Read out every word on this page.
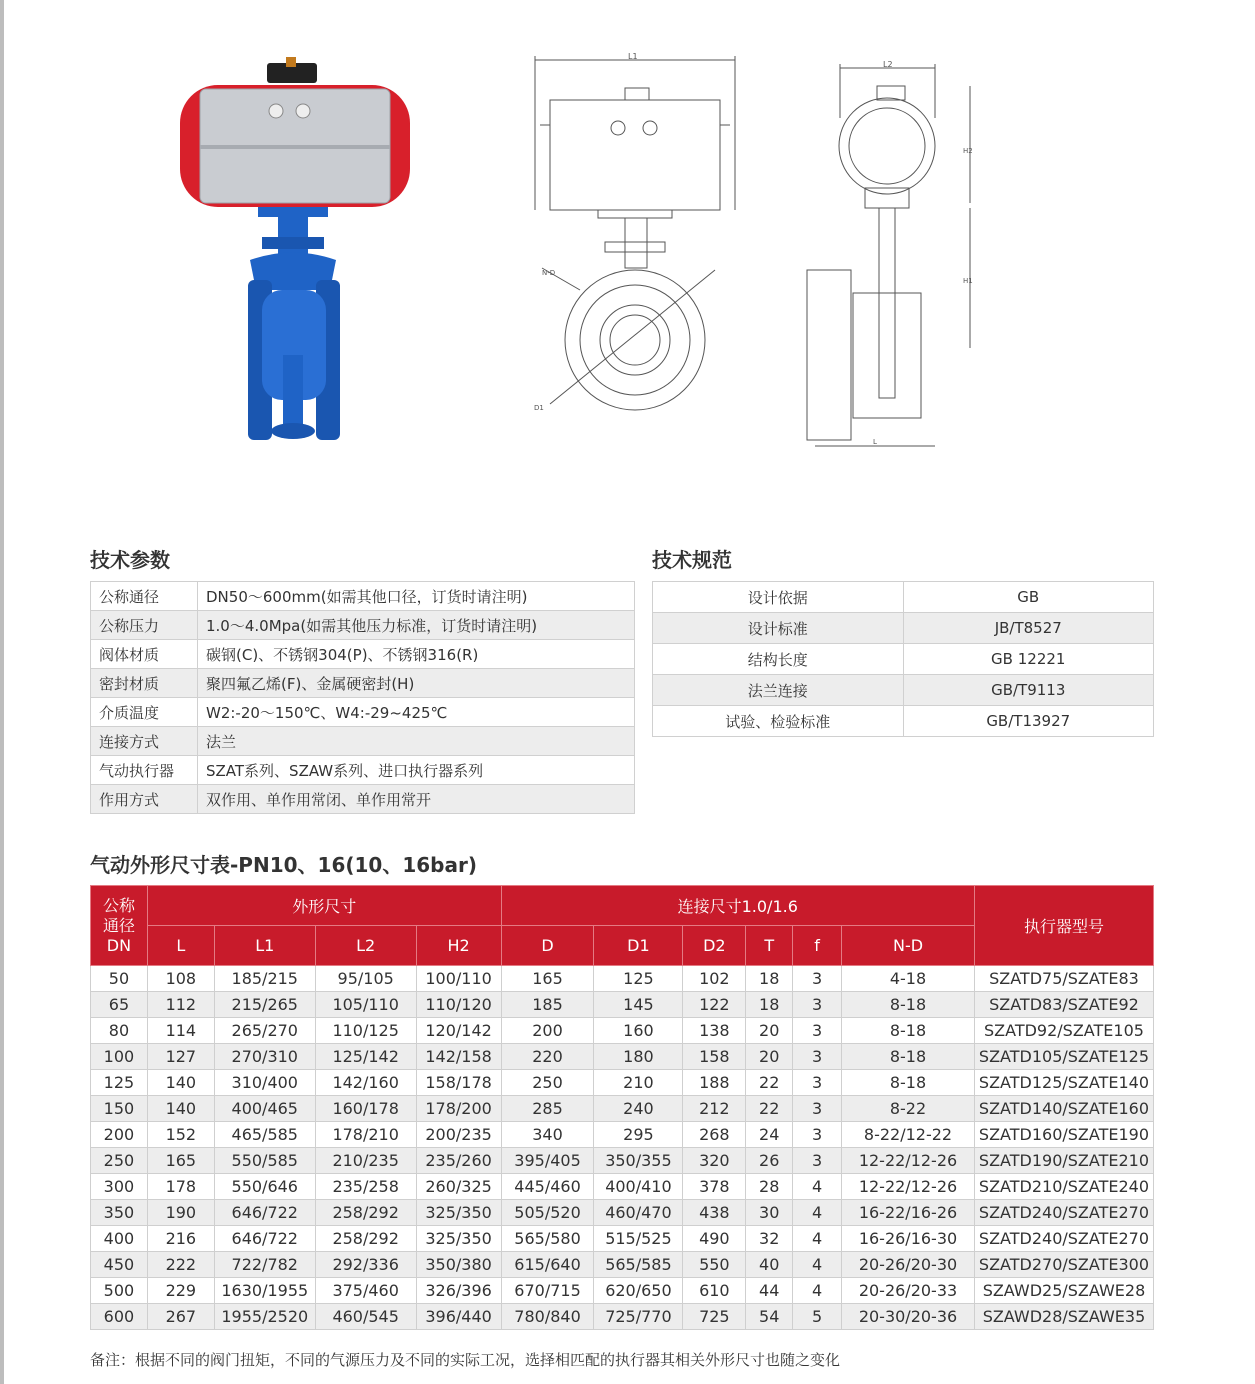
L1
N-D
D1
L2
H2
H1
L
技术参数	技术规范
公称通径	DN50～600mm(如需其他口径，订货时请注明)
公称压力	1.0～4.0Mpa(如需其他压力标准，订货时请注明)
阀体材质	碳钢(C)、不锈钢304(P)、不锈钢316(R)
密封材质	聚四氟乙烯(F)、金属硬密封(H)
介质温度	W2:-20～150℃、W4:-29~425℃
连接方式	法兰
气动执行器	SZAT系列、SZAW系列、进口执行器系列
作用方式	双作用、单作用常闭、单作用常开
设计依据	GB
设计标准	JB/T8527
结构长度	GB 12221
法兰连接	GB/T9113
试验、检验标准	GB/T13927
气动外形尺寸表-PN10、16(10、16bar)
公称
通径
DN	外形尺寸				连接尺寸1.0/1.6						执行器型号
	L	L1	L2	H2	D	D1	D2	T	f	N-D	
50	108	185/215	95/105	100/110	165	125	102	18	3	4-18	SZATD75/SZATE83
65	112	215/265	105/110	110/120	185	145	122	18	3	8-18	SZATD83/SZATE92
80	114	265/270	110/125	120/142	200	160	138	20	3	8-18	SZATD92/SZATE105
100	127	270/310	125/142	142/158	220	180	158	20	3	8-18	SZATD105/SZATE125
125	140	310/400	142/160	158/178	250	210	188	22	3	8-18	SZATD125/SZATE140
150	140	400/465	160/178	178/200	285	240	212	22	3	8-22	SZATD140/SZATE160
200	152	465/585	178/210	200/235	340	295	268	24	3	8-22/12-22	SZATD160/SZATE190
250	165	550/585	210/235	235/260	395/405	350/355	320	26	3	12-22/12-26	SZATD190/SZATE210
300	178	550/646	235/258	260/325	445/460	400/410	378	28	4	12-22/12-26	SZATD210/SZATE240
350	190	646/722	258/292	325/350	505/520	460/470	438	30	4	16-22/16-26	SZATD240/SZATE270
400	216	646/722	258/292	325/350	565/580	515/525	490	32	4	16-26/16-30	SZATD240/SZATE270
450	222	722/782	292/336	350/380	615/640	565/585	550	40	4	20-26/20-30	SZATD270/SZATE300
500	229	1630/1955	375/460	326/396	670/715	620/650	610	44	4	20-26/20-33	SZAWD25/SZAWE28
600	267	1955/2520	460/545	396/440	780/840	725/770	725	54	5	20-30/20-36	SZAWD28/SZAWE35
备注：根据不同的阀门扭矩，不同的气源压力及不同的实际工况，选择相匹配的执行器其相关外形尺寸也随之变化
